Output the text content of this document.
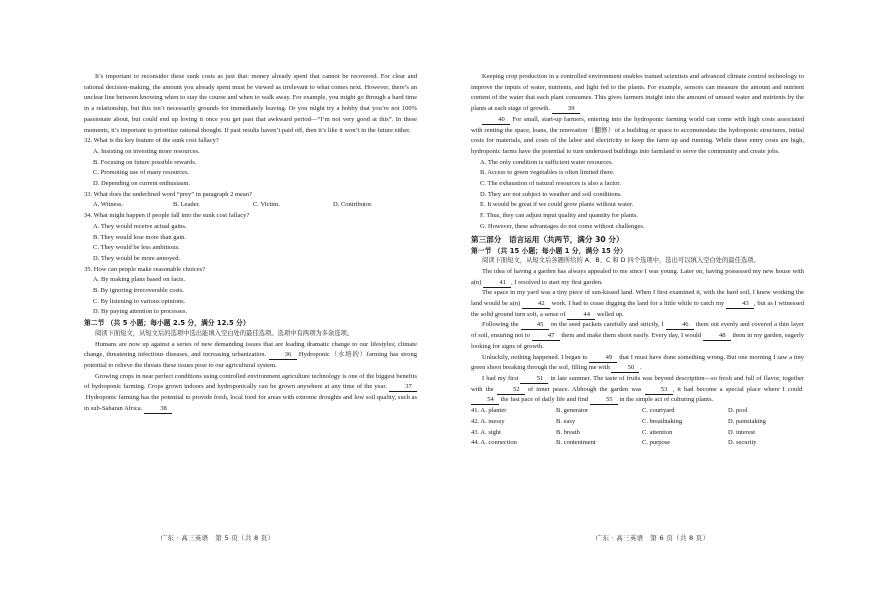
It’s important to reconsider these sunk costs as just that: money already spent that cannot be recovered. For clear and rational decision-making, the amount you already spent must be viewed as irrelevant to what comes next. However, there’s an unclear line between knowing when to stay the course and when to walk away. For example, you might go through a hard time in a relationship, but this isn’t necessarily grounds for immediately leaving. Or you might try a hobby that you’re not 100% passionate about, but could end up loving it once you get past that awkward period—“I’m not very good at this”. In these moments, it’s important to prioritize rational thought. If past results haven’t paid off, then it’s like it won’t in the future either.

32. What is the key feature of the sunk cost fallacy?
A. Insisting on investing more resources.
B. Focusing on future possible rewards.
C. Promoting use of many resources.
D. Depending on current enthusiasm.
33. What does the underlined word “prey” in paragraph 2 mean?
A. Witness.	B. Leader.	C. Victim.	D. Contributor.
34. What might happen if people fall into the sunk cost fallacy?
A. They would receive actual gains.
B. They would lose more than gain.
C. They would be less ambitious.
D. They would be more annoyed.
35. How can people make reasonable choices?
A. By making plans based on facts.
B. By ignoring irrecoverable costs.
C. By listening to various opinions.
D. By paying attention to processes.
第二节 （共 5 小题；每小题 2.5 分，满分 12.5 分）

阅读下面短文，从短文后的选项中选出能填入空白处的最佳选项。选项中有两项为多余选项。

Humans are now up against a series of new demanding issues that are leading dramatic change to our lifestyles; climate change, threatening infectious diseases, and increasing urbanization.	36 Hydroponic（水培的）farming has strong potential to relieve the threats these issues pose to our agricultural system.

Growing crops in near perfect conditions using controlled environment agriculture technology is one of the biggest benefits of hydroponic farming. Crops grown indoors and hydroponically can be grown anywhere at any time of the year.	37 Hydroponic farming has the potential to provide fresh, local food for areas with extreme droughts and low soil quality, such as in sub-Saharan Africa.	38

广东 · 高三英语　第 5 页（共 8 页）

Keeping crop production in a controlled environment enables trained scientists and advanced climate control technology to improve the inputs of water, nutrients, and light fed to the plants. For example, sensors can measure the amount and nutrient content of the water that each plant consumes. This gives farmers insight into the amount of unused water and nutrients by the plants at each stage of growth.	39

40 For small, start-up farmers, entering into the hydroponic farming world can come with high costs associated with renting the space, loans, the renovation（翻修）of a building or space to accommodate the hydroponic structures, initial costs for materials, and costs of the labor and electricity to keep the farm up and running. While these entry costs are high, hydroponic farms have the potential to turn underused buildings into farmland to serve the community and create jobs.

A. The only condition is sufficient water resources.
B. Access to green vegetables is often limited there.
C. The exhaustion of natural resources is also a factor.
D. They are not subject to weather and soil conditions.
E. It would be great if we could grow plants without water.
F. Thus, they can adjust input quality and quantity for plants.
G. However, these advantages do not come without challenges.
第三部分　语言运用（共两节，满分 30 分）
第一节 （共 15 小题；每小题 1 分，满分 15 分）

阅读下面短文，从短文后各题所给的 A、B、C 和 D 四个选项中，选出可以填入空白处的最佳选项。

The idea of having a garden has always appealed to me since I was young. Later on, having possessed my new house with a(n)	41 , I resolved to start my first garden.

The space in my yard was a tiny piece of sun-kissed land. When I first examined it, with the hard soil, I knew working the land would be a(n)	42 work. I had to cease digging the land for a little while to catch my	43 , but as I witnessed the solid ground turn soft, a sense of	44 welled up.

Following the	45 on the seed packets carefully and strictly, I	46 them out evenly and covered a thin layer of soil, ensuring not to	47 them and make them shoot easily. Every day, I would	48 them in my garden, eagerly looking for signs of growth.

Unluckily, nothing happened. I began to	49 that I must have done something wrong. But one morning I saw a tiny green shoot breaking through the soil, filling me with	50 .

I had my first	51 in late summer. The taste of fruits was beyond description—so fresh and full of flavor, together with the	52 of inner peace. Although the garden was	53 , it had become a special place where I could 54 the fast pace of daily life and find	55 in the simple act of culturing plants.

41. A. planter	B. generator	C. courtyard	D. pool
42. A. messy	B. easy	C. breathtaking	D. painstaking
43. A. sight	B. breath	C. attention	D. interest
44. A. connection	B. contentment	C. purpose	D. security
广东 · 高三英语　第 6 页（共 8 页）
